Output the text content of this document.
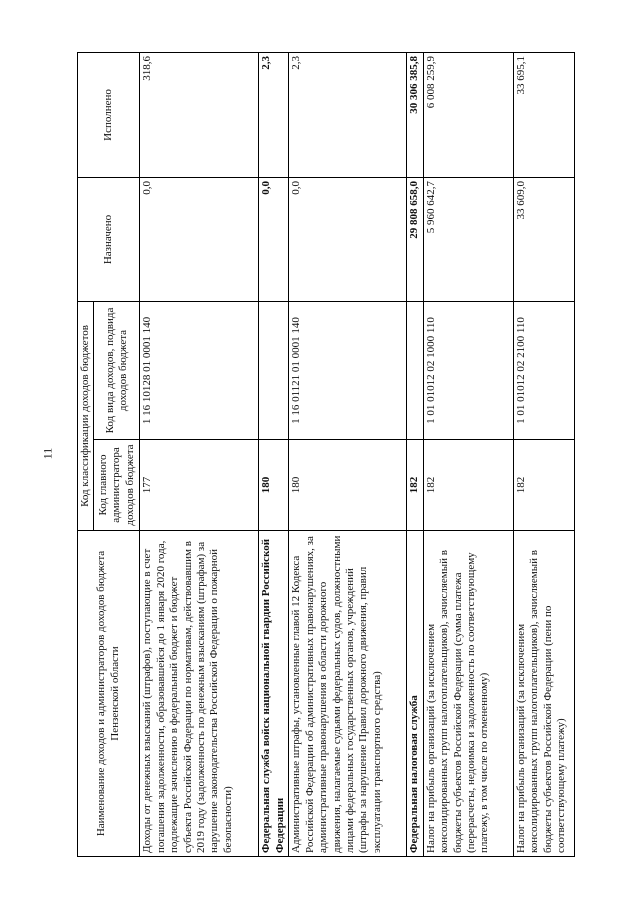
11
Наименование доходов и администраторов доходов бюджета Пензенской области	Код классификации доходов бюджетов		Назначено	Исполнено
	Код главного администратора доходов бюджета	Код вида доходов, подвида доходов бюджета		
Доходы от денежных взысканий (штрафов), поступающие в счет погашения задолженности, образовавшейся до 1 января 2020 года, подлежащие зачислению в федеральный бюджет и бюджет субъекта Российской Федерации по нормативам, действовавшим в 2019 году (задолженность по денежным взысканиям (штрафам) за нарушение законодательства Российской Федерации о пожарной безопасности)	177	1 16 10128 01 0001 140	0,0	318,6
Федеральная служба войск национальной гвардии Российской Федерации	180		0,0	2,3
Административные штрафы, установленные главой 12 Кодекса Российской Федерации об административных правонарушениях, за административные правонарушения в области дорожного движения, налагаемые судьями федеральных судов, должностными лицами федеральных государственных органов, учреждений (штрафы за нарушение Правил дорожного движения, правил эксплуатации транспортного средства)	180	1 16 01121 01 0001 140	0,0	2,3
Федеральная налоговая служба	182		29 808 658,0	30 306 385,8
Налог на прибыль организаций (за исключением консолидированных групп налогоплательщиков), зачисляемый в бюджеты субъектов Российской Федерации (сумма платежа (перерасчеты, недоимка и задолженность по соответствующему платежу, в том числе по отмененному)	182	1 01 01012 02 1000 110	5 960 642,7	6 008 259,9
Налог на прибыль организаций (за исключением консолидированных групп налогоплательщиков), зачисляемый в бюджеты субъектов Российской Федерации (пени по соответствующему платежу)	182	1 01 01012 02 2100 110	33 609,0	33 695,1
